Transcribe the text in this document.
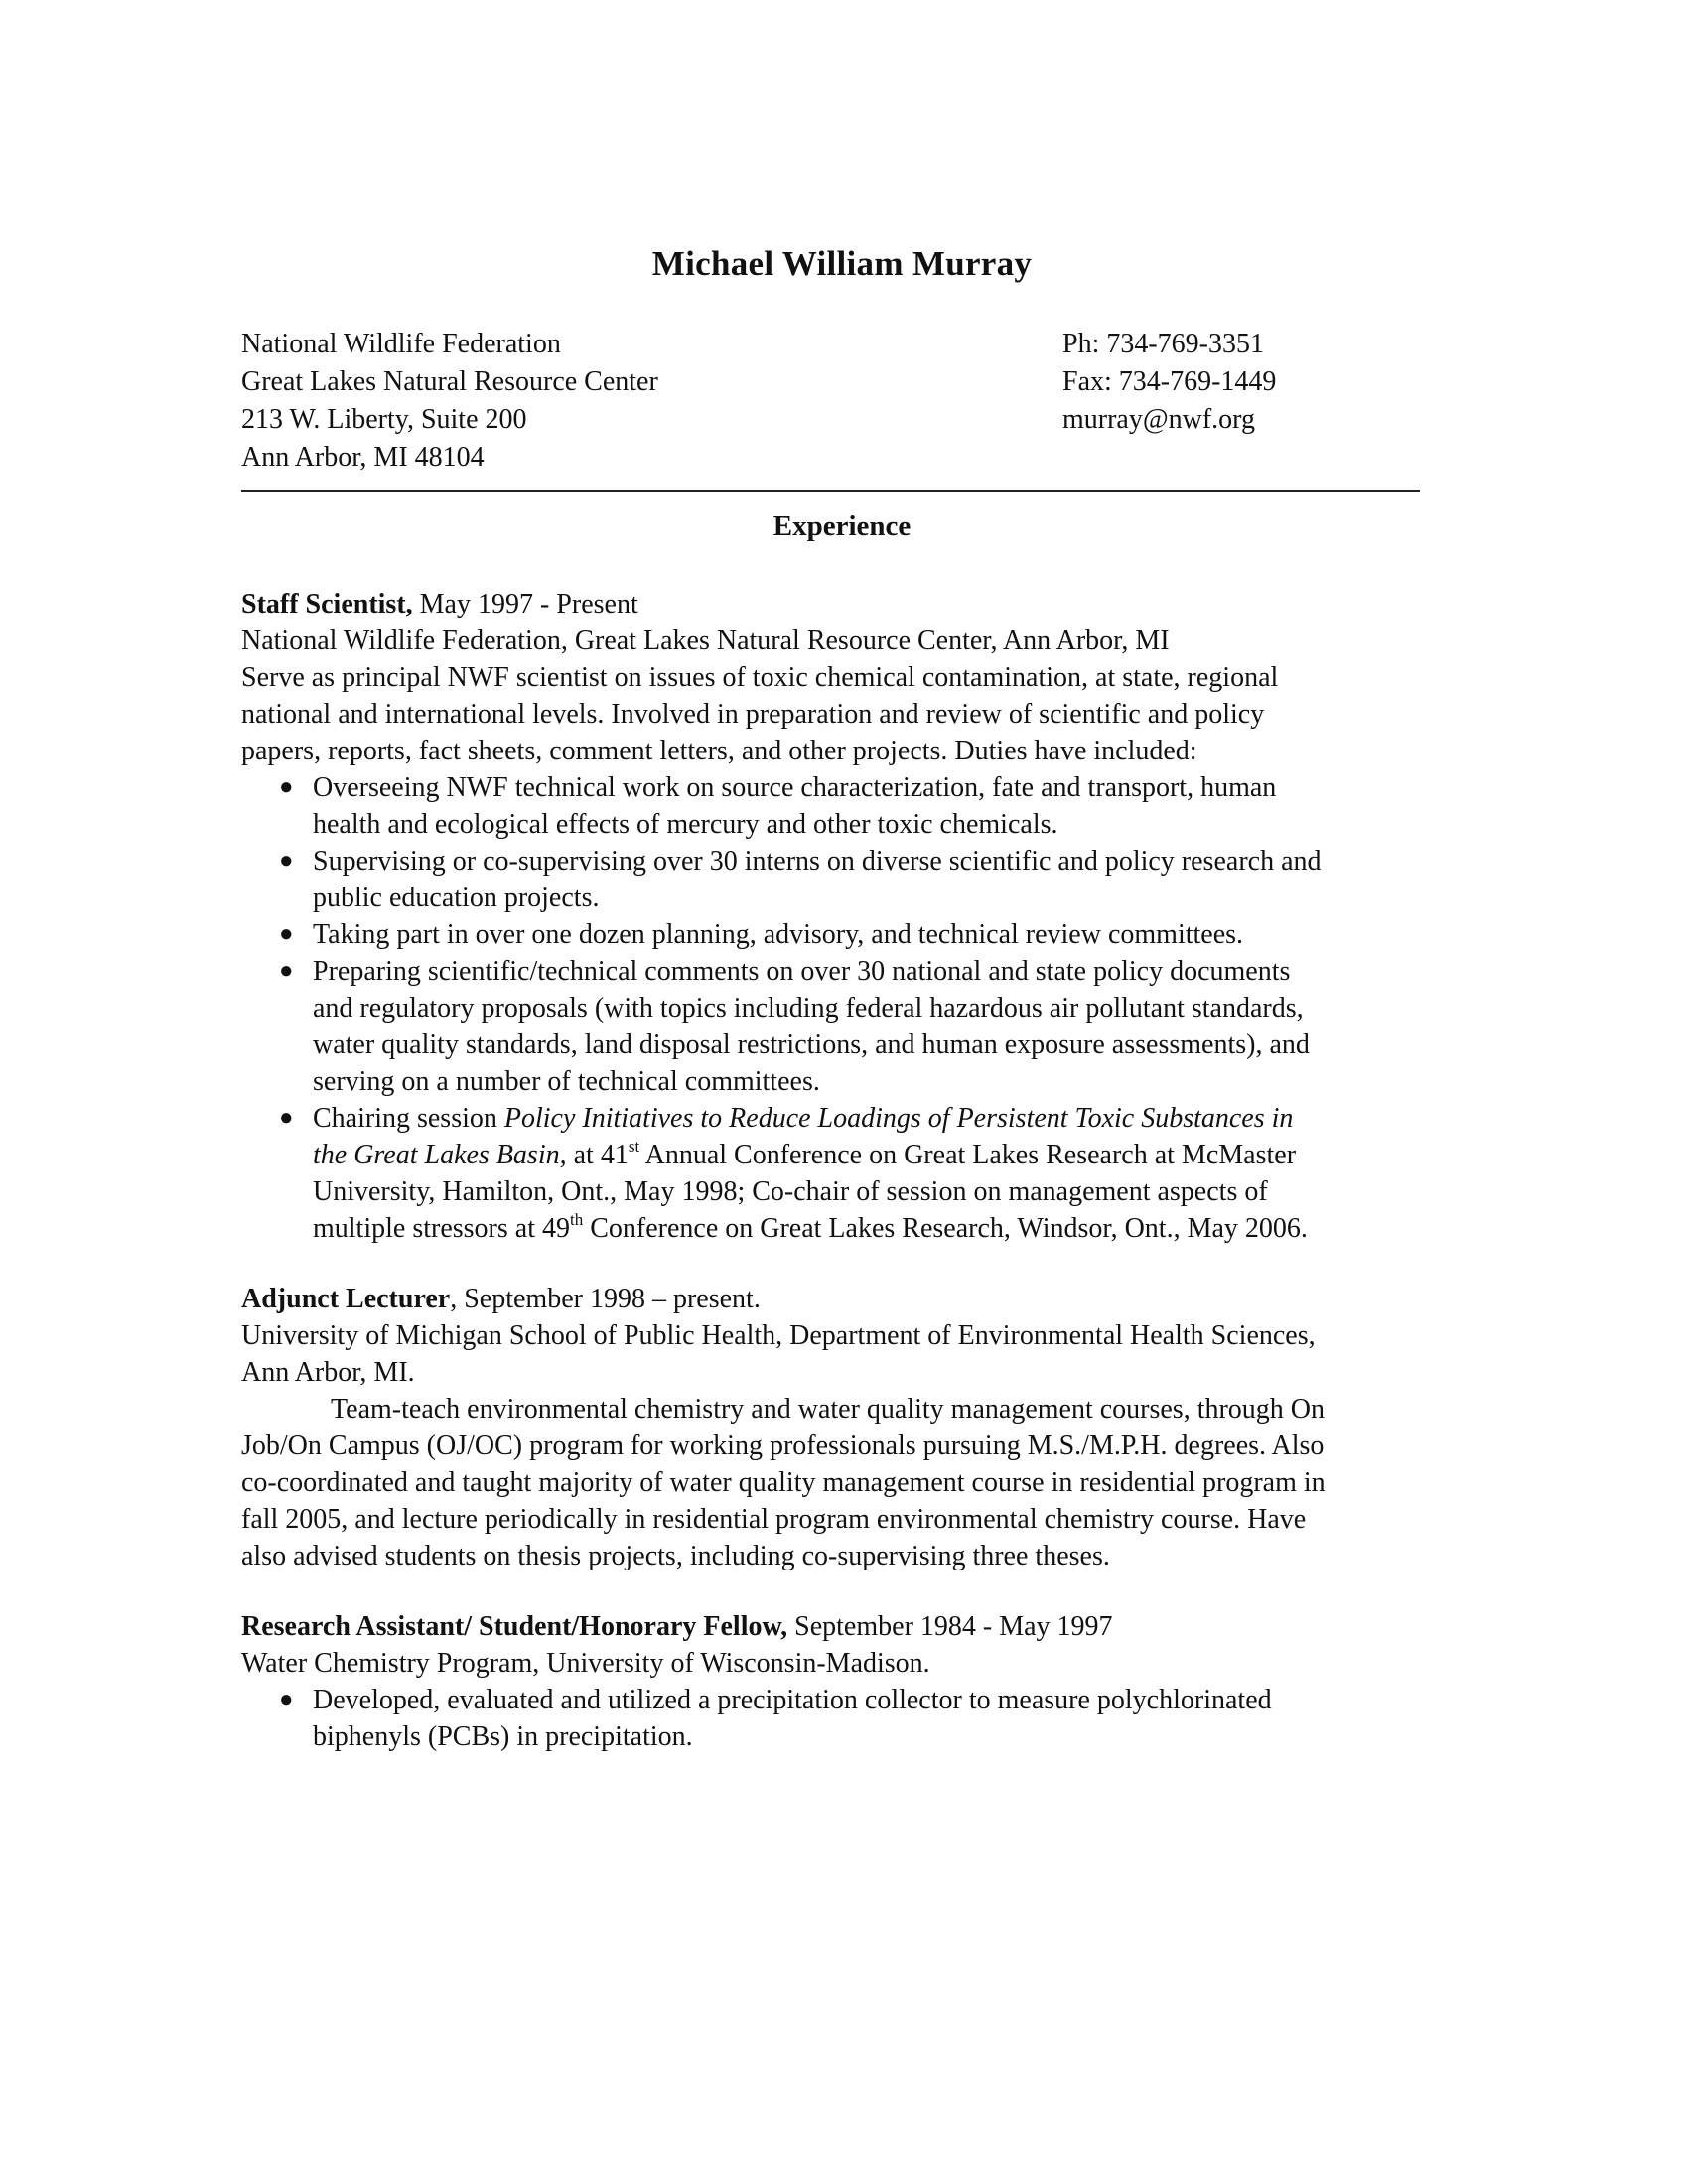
Michael William Murray
National Wildlife Federation
Great Lakes Natural Resource Center
213 W. Liberty, Suite 200
Ann Arbor, MI 48104
Ph: 734-769-3351
Fax: 734-769-1449
murray@nwf.org
Experience
Staff Scientist, May 1997 - Present
National Wildlife Federation, Great Lakes Natural Resource Center, Ann Arbor, MI
Serve as principal NWF scientist on issues of toxic chemical contamination, at state, regional
national and international levels. Involved in preparation and review of scientific and policy
papers, reports, fact sheets, comment letters, and other projects. Duties have included:
● Overseeing NWF technical work on source characterization, fate and transport, human
health and ecological effects of mercury and other toxic chemicals.
● Supervising or co-supervising over 30 interns on diverse scientific and policy research and
public education projects.
● Taking part in over one dozen planning, advisory, and technical review committees.
● Preparing scientific/technical comments on over 30 national and state policy documents
and regulatory proposals (with topics including federal hazardous air pollutant standards,
water quality standards, land disposal restrictions, and human exposure assessments), and
serving on a number of technical committees.
● Chairing session Policy Initiatives to Reduce Loadings of Persistent Toxic Substances in
the Great Lakes Basin, at 41st Annual Conference on Great Lakes Research at McMaster
University, Hamilton, Ont., May 1998; Co-chair of session on management aspects of
multiple stressors at 49th Conference on Great Lakes Research, Windsor, Ont., May 2006.
Adjunct Lecturer, September 1998 – present.
University of Michigan School of Public Health, Department of Environmental Health Sciences,
Ann Arbor, MI.
Team-teach environmental chemistry and water quality management courses, through On
Job/On Campus (OJ/OC) program for working professionals pursuing M.S./M.P.H. degrees. Also
co-coordinated and taught majority of water quality management course in residential program in
fall 2005, and lecture periodically in residential program environmental chemistry course. Have
also advised students on thesis projects, including co-supervising three theses.
Research Assistant/ Student/Honorary Fellow, September 1984 - May 1997
Water Chemistry Program, University of Wisconsin-Madison.
● Developed, evaluated and utilized a precipitation collector to measure polychlorinated
biphenyls (PCBs) in precipitation.
